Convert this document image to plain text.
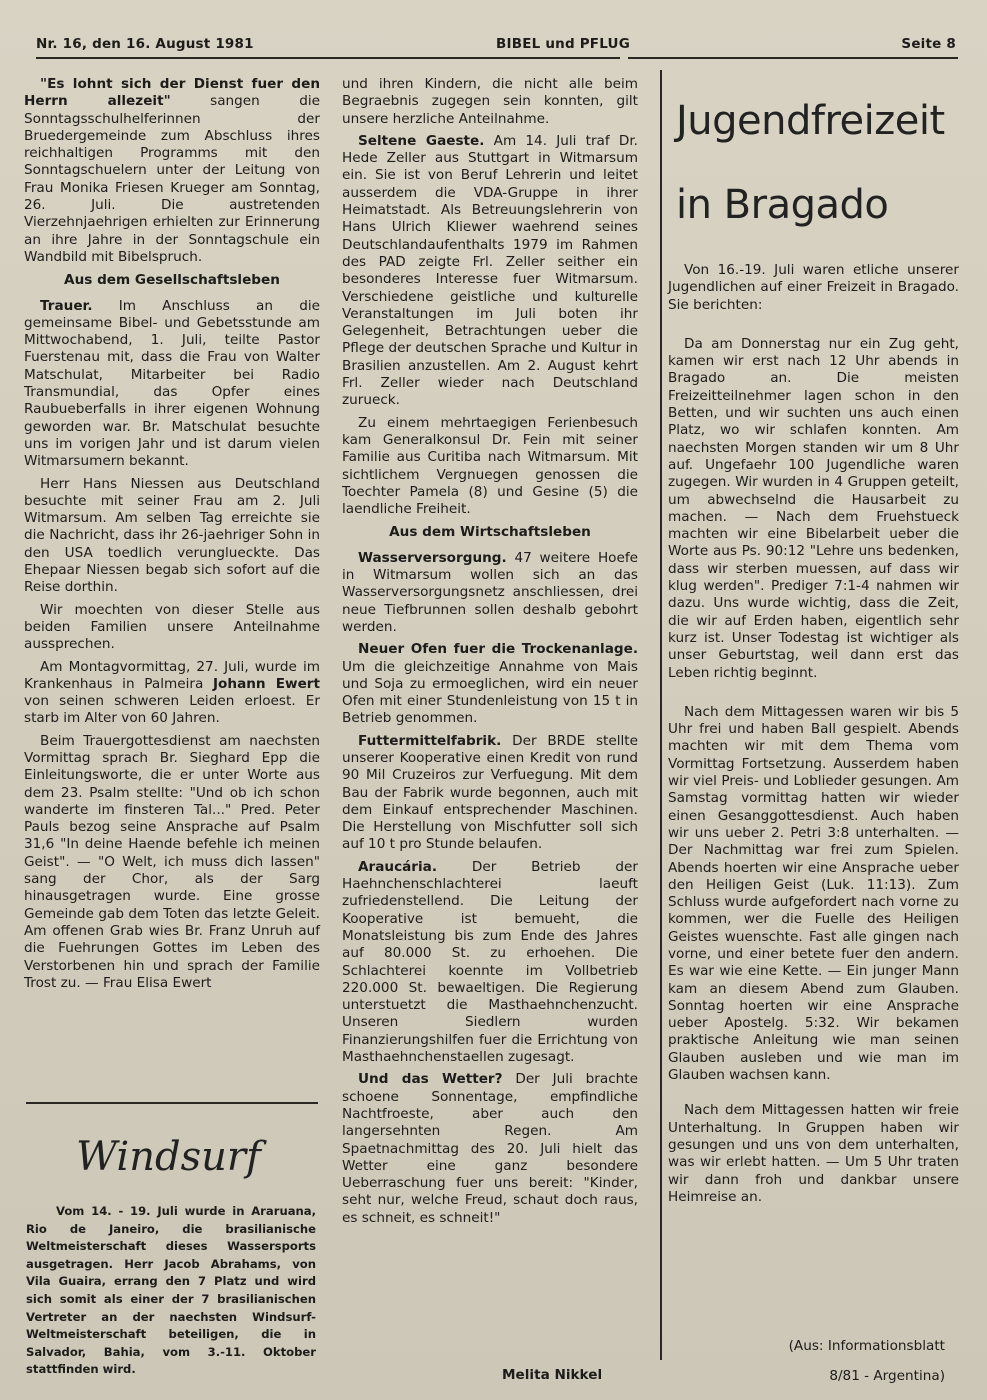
Nr. 16, den 16. August 1981	BIBEL und PFLUG	Seite 8

"Es lohnt sich der Dienst fuer den Herrn allezeit" sangen die Sonntagsschulhelferinnen der Bruedergemeinde zum Abschluss ihres reichhaltigen Programms mit den Sonntagschuelern unter der Leitung von Frau Monika Friesen Krueger am Sonntag, 26. Juli. Die austretenden Vierzehnjaehrigen erhielten zur Erinnerung an ihre Jahre in der Sonntagschule ein Wandbild mit Bibelspruch.

Aus dem Gesellschaftsleben

Trauer. Im Anschluss an die gemeinsame Bibel- und Gebetsstunde am Mittwochabend, 1. Juli, teilte Pastor Fuerstenau mit, dass die Frau von Walter Matschulat, Mitarbeiter bei Radio Transmundial, das Opfer eines Raubueberfalls in ihrer eigenen Wohnung geworden war. Br. Matschulat besuchte uns im vorigen Jahr und ist darum vielen Witmarsumern bekannt.

Herr Hans Niessen aus Deutschland besuchte mit seiner Frau am 2. Juli Witmarsum. Am selben Tag erreichte sie die Nachricht, dass ihr 26-jaehriger Sohn in den USA toedlich verunglueckte. Das Ehepaar Niessen begab sich sofort auf die Reise dorthin.

Wir moechten von dieser Stelle aus beiden Familien unsere Anteilnahme aussprechen.

Am Montagvormittag, 27. Juli, wurde im Krankenhaus in Palmeira Johann Ewert von seinen schweren Leiden erloest. Er starb im Alter von 60 Jahren.

Beim Trauergottesdienst am naechsten Vormittag sprach Br. Sieghard Epp die Einleitungsworte, die er unter Worte aus dem 23. Psalm stellte: "Und ob ich schon wanderte im finsteren Tal..." Pred. Peter Pauls bezog seine Ansprache auf Psalm 31,6 "In deine Haende befehle ich meinen Geist". — "O Welt, ich muss dich lassen" sang der Chor, als der Sarg hinausgetragen wurde. Eine grosse Gemeinde gab dem Toten das letzte Geleit. Am offenen Grab wies Br. Franz Unruh auf die Fuehrungen Gottes im Leben des Verstorbenen hin und sprach der Familie Trost zu. — Frau Elisa Ewert

Windsurf

Vom 14. - 19. Juli wurde in Araruana, Rio de Janeiro, die brasilianische Weltmeisterschaft dieses Wassersports ausgetragen. Herr Jacob Abrahams, von Vila Guaira, errang den 7 Platz und wird sich somit als einer der 7 brasilianischen Vertreter an der naechsten Windsurf-Weltmeisterschaft beteiligen, die in Salvador, Bahia, vom 3.-11. Oktober stattfinden wird.

und ihren Kindern, die nicht alle beim Begraebnis zugegen sein konnten, gilt unsere herzliche Anteilnahme.

Seltene Gaeste. Am 14. Juli traf Dr. Hede Zeller aus Stuttgart in Witmarsum ein. Sie ist von Beruf Lehrerin und leitet ausserdem die VDA-Gruppe in ihrer Heimatstadt. Als Betreuungslehrerin von Hans Ulrich Kliewer waehrend seines Deutschlandaufenthalts 1979 im Rahmen des PAD zeigte Frl. Zeller seither ein besonderes Interesse fuer Witmarsum. Verschiedene geistliche und kulturelle Veranstaltungen im Juli boten ihr Gelegenheit, Betrachtungen ueber die Pflege der deutschen Sprache und Kultur in Brasilien anzustellen. Am 2. August kehrt Frl. Zeller wieder nach Deutschland zurueck.

Zu einem mehrtaegigen Ferienbesuch kam Generalkonsul Dr. Fein mit seiner Familie aus Curitiba nach Witmarsum. Mit sichtlichem Vergnuegen genossen die Toechter Pamela (8) und Gesine (5) die laendliche Freiheit.

Aus dem Wirtschaftsleben

Wasserversorgung. 47 weitere Hoefe in Witmarsum wollen sich an das Wasserversorgungsnetz anschliessen, drei neue Tiefbrunnen sollen deshalb gebohrt werden.

Neuer Ofen fuer die Trockenanlage. Um die gleichzeitige Annahme von Mais und Soja zu ermoeglichen, wird ein neuer Ofen mit einer Stundenleistung von 15 t in Betrieb genommen.

Futtermittelfabrik. Der BRDE stellte unserer Kooperative einen Kredit von rund 90 Mil Cruzeiros zur Verfuegung. Mit dem Bau der Fabrik wurde begonnen, auch mit dem Einkauf entsprechender Maschinen. Die Herstellung von Mischfutter soll sich auf 10 t pro Stunde belaufen.

Araucária. Der Betrieb der Haehnchenschlachterei laeuft zufriedenstellend. Die Leitung der Kooperative ist bemueht, die Monatsleistung bis zum Ende des Jahres auf 80.000 St. zu erhoehen. Die Schlachterei koennte im Vollbetrieb 220.000 St. bewaeltigen. Die Regierung unterstuetzt die Masthaehnchenzucht. Unseren Siedlern wurden Finanzierungshilfen fuer die Errichtung von Masthaehnchenstaellen zugesagt.

Und das Wetter? Der Juli brachte schoene Sonnentage, empfindliche Nachtfroeste, aber auch den langersehnten Regen. Am Spaetnachmittag des 20. Juli hielt das Wetter eine ganz besondere Ueberraschung fuer uns bereit: "Kinder, seht nur, welche Freud, schaut doch raus, es schneit, es schneit!"

Melita Nikkel
Jugendfreizeit
in Bragado

Von 16.-19. Juli waren etliche unserer Jugendlichen auf einer Freizeit in Bragado. Sie berichten:

Da am Donnerstag nur ein Zug geht, kamen wir erst nach 12 Uhr abends in Bragado an. Die meisten Freizeitteilnehmer lagen schon in den Betten, und wir suchten uns auch einen Platz, wo wir schlafen konnten. Am naechsten Morgen standen wir um 8 Uhr auf. Ungefaehr 100 Jugendliche waren zugegen. Wir wurden in 4 Gruppen geteilt, um abwechselnd die Hausarbeit zu machen. — Nach dem Fruehstueck machten wir eine Bibelarbeit ueber die Worte aus Ps. 90:12 "Lehre uns bedenken, dass wir sterben muessen, auf dass wir klug werden". Prediger 7:1-4 nahmen wir dazu. Uns wurde wichtig, dass die Zeit, die wir auf Erden haben, eigentlich sehr kurz ist. Unser Todestag ist wichtiger als unser Geburtstag, weil dann erst das Leben richtig beginnt.

Nach dem Mittagessen waren wir bis 5 Uhr frei und haben Ball gespielt. Abends machten wir mit dem Thema vom Vormittag Fortsetzung. Ausserdem haben wir viel Preis- und Loblieder gesungen. Am Samstag vormittag hatten wir wieder einen Gesanggottesdienst. Auch haben wir uns ueber 2. Petri 3:8 unterhalten. — Der Nachmittag war frei zum Spielen. Abends hoerten wir eine Ansprache ueber den Heiligen Geist (Luk. 11:13). Zum Schluss wurde aufgefordert nach vorne zu kommen, wer die Fuelle des Heiligen Geistes wuenschte. Fast alle gingen nach vorne, und einer betete fuer den andern. Es war wie eine Kette. — Ein junger Mann kam an diesem Abend zum Glauben. Sonntag hoerten wir eine Ansprache ueber Apostelg. 5:32. Wir bekamen praktische Anleitung wie man seinen Glauben ausleben und wie man im Glauben wachsen kann.

Nach dem Mittagessen hatten wir freie Unterhaltung. In Gruppen haben wir gesungen und uns von dem unterhalten, was wir erlebt hatten. — Um 5 Uhr traten wir dann froh und dankbar unsere Heimreise an.

(Aus: Informationsblatt
8/81 - Argentina)
